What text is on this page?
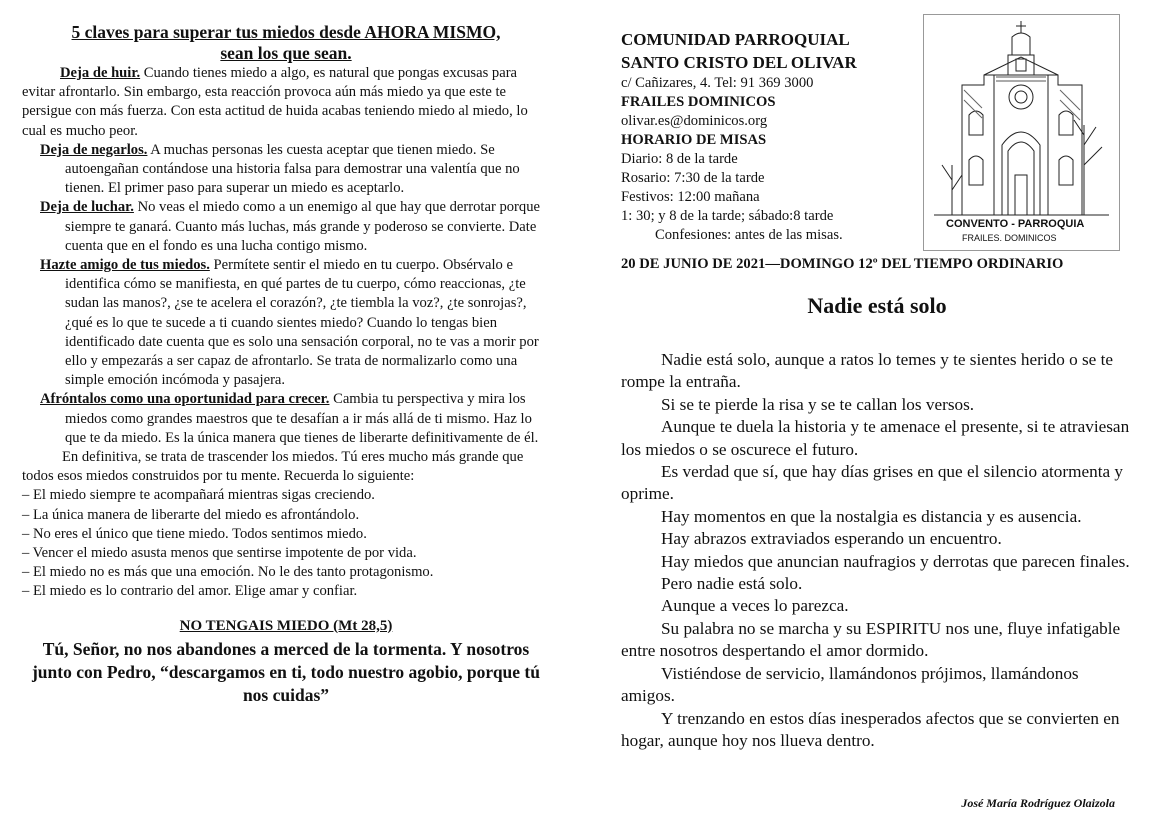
5 claves para superar tus miedos desde AHORA MISMO,
sean los que sean.

Deja de huir. Cuando tienes miedo a algo, es natural que pongas excusas para evitar afrontarlo. Sin embargo, esta reacción provoca aún más miedo ya que este te persigue con más fuerza. Con esta actitud de huida acabas teniendo miedo al miedo, lo cual es mucho peor.

Deja de negarlos. A muchas personas les cuesta aceptar que tienen miedo. Se autoengañan contándose una historia falsa para demostrar una valentía que no tienen. El primer paso para superar un miedo es aceptarlo.

Deja de luchar. No veas el miedo como a un enemigo al que hay que derrotar porque siempre te ganará. Cuanto más luchas, más grande y poderoso se convierte. Date cuenta que en el fondo es una lucha contigo mismo.

Hazte amigo de tus miedos. Permítete sentir el miedo en tu cuerpo. Obsérvalo e identifica cómo se manifiesta, en qué partes de tu cuerpo, cómo reaccionas, ¿te sudan las manos?, ¿se te acelera el corazón?, ¿te tiembla la voz?, ¿te sonrojas?, ¿qué es lo que te sucede a ti cuando sientes miedo? Cuando lo tengas bien identificado date cuenta que es solo una sensación corporal, no te vas a morir por ello y empezarás a ser capaz de afrontarlo. Se trata de normalizarlo como una simple emoción incómoda y pasajera.

Afróntalos como una oportunidad para crecer. Cambia tu perspectiva y mira los miedos como grandes maestros que te desafían a ir más allá de ti mismo. Haz lo que te da miedo. Es la única manera que tienes de liberarte definitivamente de él.

En definitiva, se trata de trascender los miedos. Tú eres mucho más grande que todos esos miedos construidos por tu mente. Recuerda lo siguiente:

– El miedo siempre te acompañará mientras sigas creciendo.

– La única manera de liberarte del miedo es afrontándolo.

– No eres el único que tiene miedo. Todos sentimos miedo.

– Vencer el miedo asusta menos que sentirse impotente de por vida.

– El miedo no es más que una emoción. No le des tanto protagonismo.

– El miedo es lo contrario del amor. Elige amar y confiar.

NO TENGAIS MIEDO (Mt 28,5)
Tú, Señor, no nos abandones a merced de la tormenta. Y nosotros junto con Pedro, “descargamos en ti, todo nuestro agobio, porque tú nos cuidas”

COMUNIDAD PARROQUIAL

SANTO CRISTO DEL OLIVAR

c/ Cañizares, 4. Tel: 91 369 3000

FRAILES DOMINICOS

olivar.es@dominicos.org

HORARIO DE MISAS

Diario: 8 de la tarde

Rosario: 7:30 de la tarde

Festivos: 12:00 mañana

1: 30; y 8 de la tarde; sábado:8 tarde

Confesiones: antes de las misas.

CONVENTO - PARROQUIA
FRAILES. DOMINICOS
20 DE JUNIO DE 2021—DOMINGO 12º DEL TIEMPO ORDINARIO
Nadie está solo

Nadie está solo, aunque a ratos lo temes y te sientes herido o se te rompe la entraña.

Si se te pierde la risa y se te callan los versos.

Aunque te duela la historia y te amenace el presente, si te atraviesan los miedos o se oscurece el futuro.

Es verdad que sí, que hay días grises en que el silencio atormenta y oprime.

Hay momentos en que la nostalgia es distancia y es ausencia.

Hay abrazos extraviados esperando un encuentro.

Hay miedos que anuncian naufragios y derrotas que parecen finales.

Pero nadie está solo.

Aunque a veces lo parezca.

Su palabra no se marcha y su ESPIRITU nos une, fluye infatigable entre nosotros despertando el amor dormido.

Vistiéndose de servicio, llamándonos prójimos, llamándonos amigos.

Y trenzando en estos días inesperados afectos que se convierten en hogar, aunque hoy nos llueva dentro.

José María Rodríguez Olaizola
